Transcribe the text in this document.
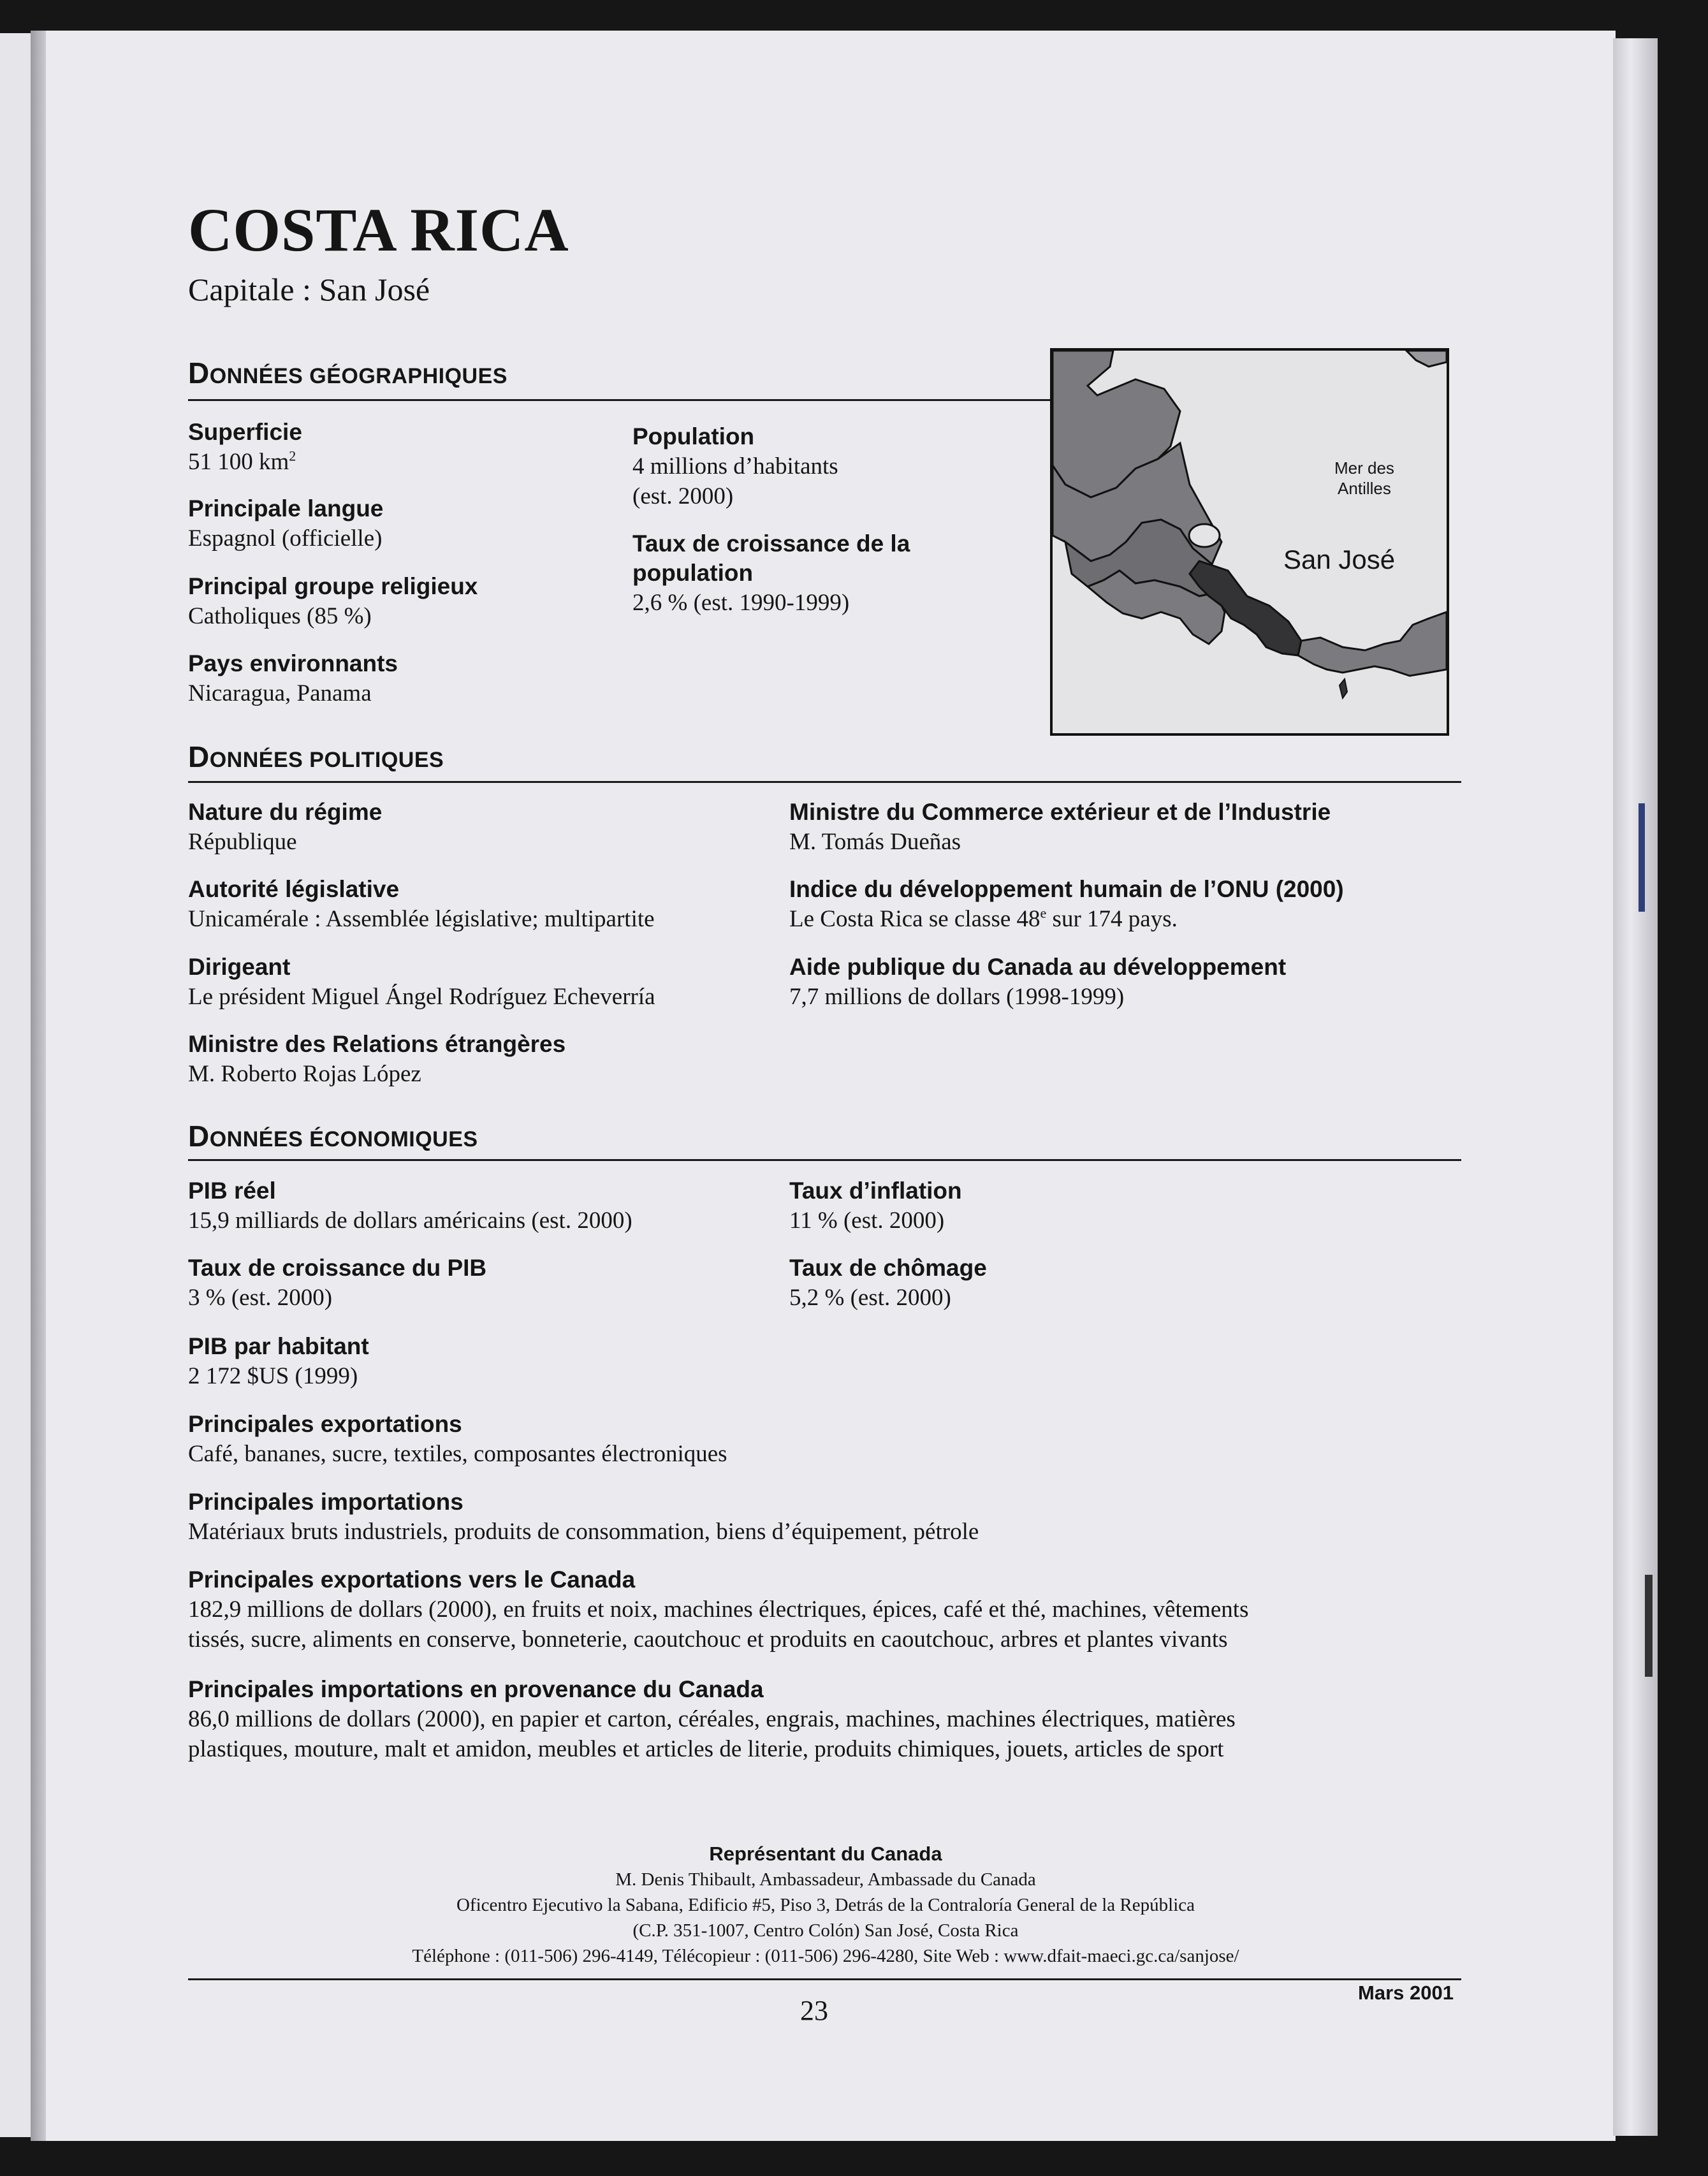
COSTA RICA
Capitale : San José
DONNÉES GÉOGRAPHIQUES
Superficie
51 100 $km^2$
Principale langue
Espagnol (officielle)
Principal groupe religieux
Catholiques (85 %)
Pays environnants
Nicaragua, Panama
Population
4 millions d’habitants
(est. 2000)
Taux de croissance de la
population
2,6 % (est. 1990-1999)
Mer des
Antilles
San José
DONNÉES POLITIQUES
Nature du régime
République
Autorité législative
Unicamérale : Assemblée législative; multipartite
Dirigeant
Le président Miguel Ángel Rodríguez Echeverría
Ministre des Relations étrangères
M. Roberto Rojas López
Ministre du Commerce extérieur et de l’Industrie
M. Tomás Dueñas
Indice du développement humain de l’ONU (2000)
Le Costa Rica se classe 48e sur 174 pays.
Aide publique du Canada au développement
7,7 millions de dollars (1998-1999)
DONNÉES ÉCONOMIQUES
PIB réel
15,9 milliards de dollars américains (est. 2000)
Taux de croissance du PIB
3 % (est. 2000)
PIB par habitant
2 172 $US (1999)
Taux d’inflation
11 % (est. 2000)
Taux de chômage
5,2 % (est. 2000)
Principales exportations
Café, bananes, sucre, textiles, composantes électroniques
Principales importations
Matériaux bruts industriels, produits de consommation, biens d’équipement, pétrole
Principales exportations vers le Canada
182,9 millions de dollars (2000), en fruits et noix, machines électriques, épices, café et thé, machines, vêtements
tissés, sucre, aliments en conserve, bonneterie, caoutchouc et produits en caoutchouc, arbres et plantes vivants
Principales importations en provenance du Canada
86,0 millions de dollars (2000), en papier et carton, céréales, engrais, machines, machines électriques, matières
plastiques, mouture, malt et amidon, meubles et articles de literie, produits chimiques, jouets, articles de sport
Représentant du Canada
M. Denis Thibault, Ambassadeur, Ambassade du Canada
Oficentro Ejecutivo la Sabana, Edificio #5, Piso 3, Detrás de la Contraloría General de la República
(C.P. 351-1007, Centro Colón) San José, Costa Rica
Téléphone : (011-506) 296-4149, Télécopieur : (011-506) 296-4280, Site Web : www.dfait-maeci.gc.ca/sanjose/
Mars 2001
23
